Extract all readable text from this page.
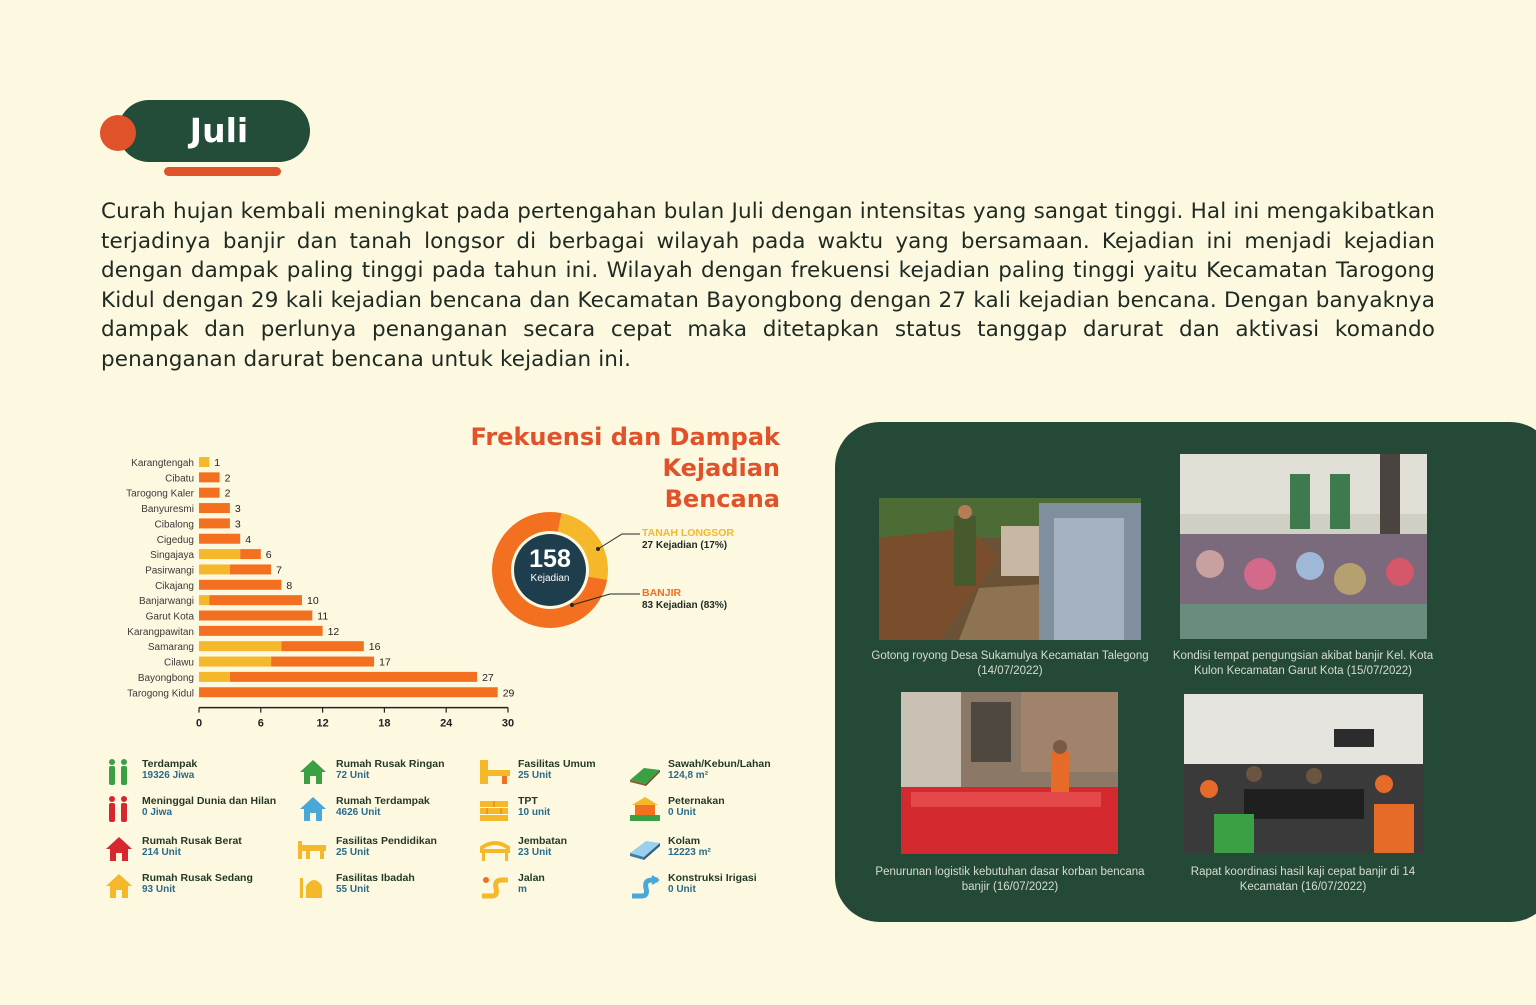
Juli
Curah hujan kembali meningkat pada pertengahan bulan Juli dengan intensitas yang sangat tinggi. Hal ini mengakibatkan terjadinya banjir dan tanah longsor di berbagai wilayah pada waktu yang bersamaan. Kejadian ini menjadi kejadian dengan dampak paling tinggi pada tahun ini. Wilayah dengan frekuensi kejadian paling tinggi yaitu Kecamatan Tarogong Kidul dengan 29 kali kejadian bencana dan Kecamatan Bayongbong dengan 27 kali kejadian bencana. Dengan banyaknya dampak dan perlunya penanganan secara cepat maka ditetapkan status tanggap darurat dan aktivasi komando penanganan darurat bencana untuk kejadian ini.
Frekuensi dan Dampak Kejadian
Bencana
Karangtengah 1
Cibatu	2
Tarogong Kaler	2
Banyuresmi	3
Cibalong	3
Cigedug	4
Singajaya	6
Pasirwangi	7
Cikajang	8
Banjarwangi	10
Garut Kota	11
Karangpawitan	12
Samarang	16
Cilawu	17
Bayongbong	27
Tarogong Kidul	29
0	6	12	18	24	30
158
Kejadian
TANAH LONGSOR
27 Kejadian (17%)
BANJIR
83 Kejadian (83%)
Terdampak
19326 Jiwa
Rumah Rusak Ringan
72 Unit
Fasilitas Umum
25 Unit
Sawah/Kebun/Lahan
124,8 m²
Meninggal Dunia dan Hilan
0 Jiwa
Rumah Terdampak
4626 Unit
TPT
10 unit
Peternakan
0 Unit
Rumah Rusak Berat
214 Unit
Fasilitas Pendidikan
25 Unit
Jembatan
23 Unit
Kolam
12223 m²
Rumah Rusak Sedang
93 Unit
Fasilitas Ibadah
55 Unit
Jalan
m
Konstruksi Irigasi
0 Unit
Gotong royong Desa Sukamulya Kecamatan Talegong (14/07/2022)
Kondisi tempat pengungsian akibat banjir Kel. Kota Kulon Kecamatan Garut Kota (15/07/2022)
Penurunan logistik kebutuhan dasar korban bencana banjir (16/07/2022)
Rapat koordinasi hasil kaji cepat banjir di 14 Kecamatan (16/07/2022)
